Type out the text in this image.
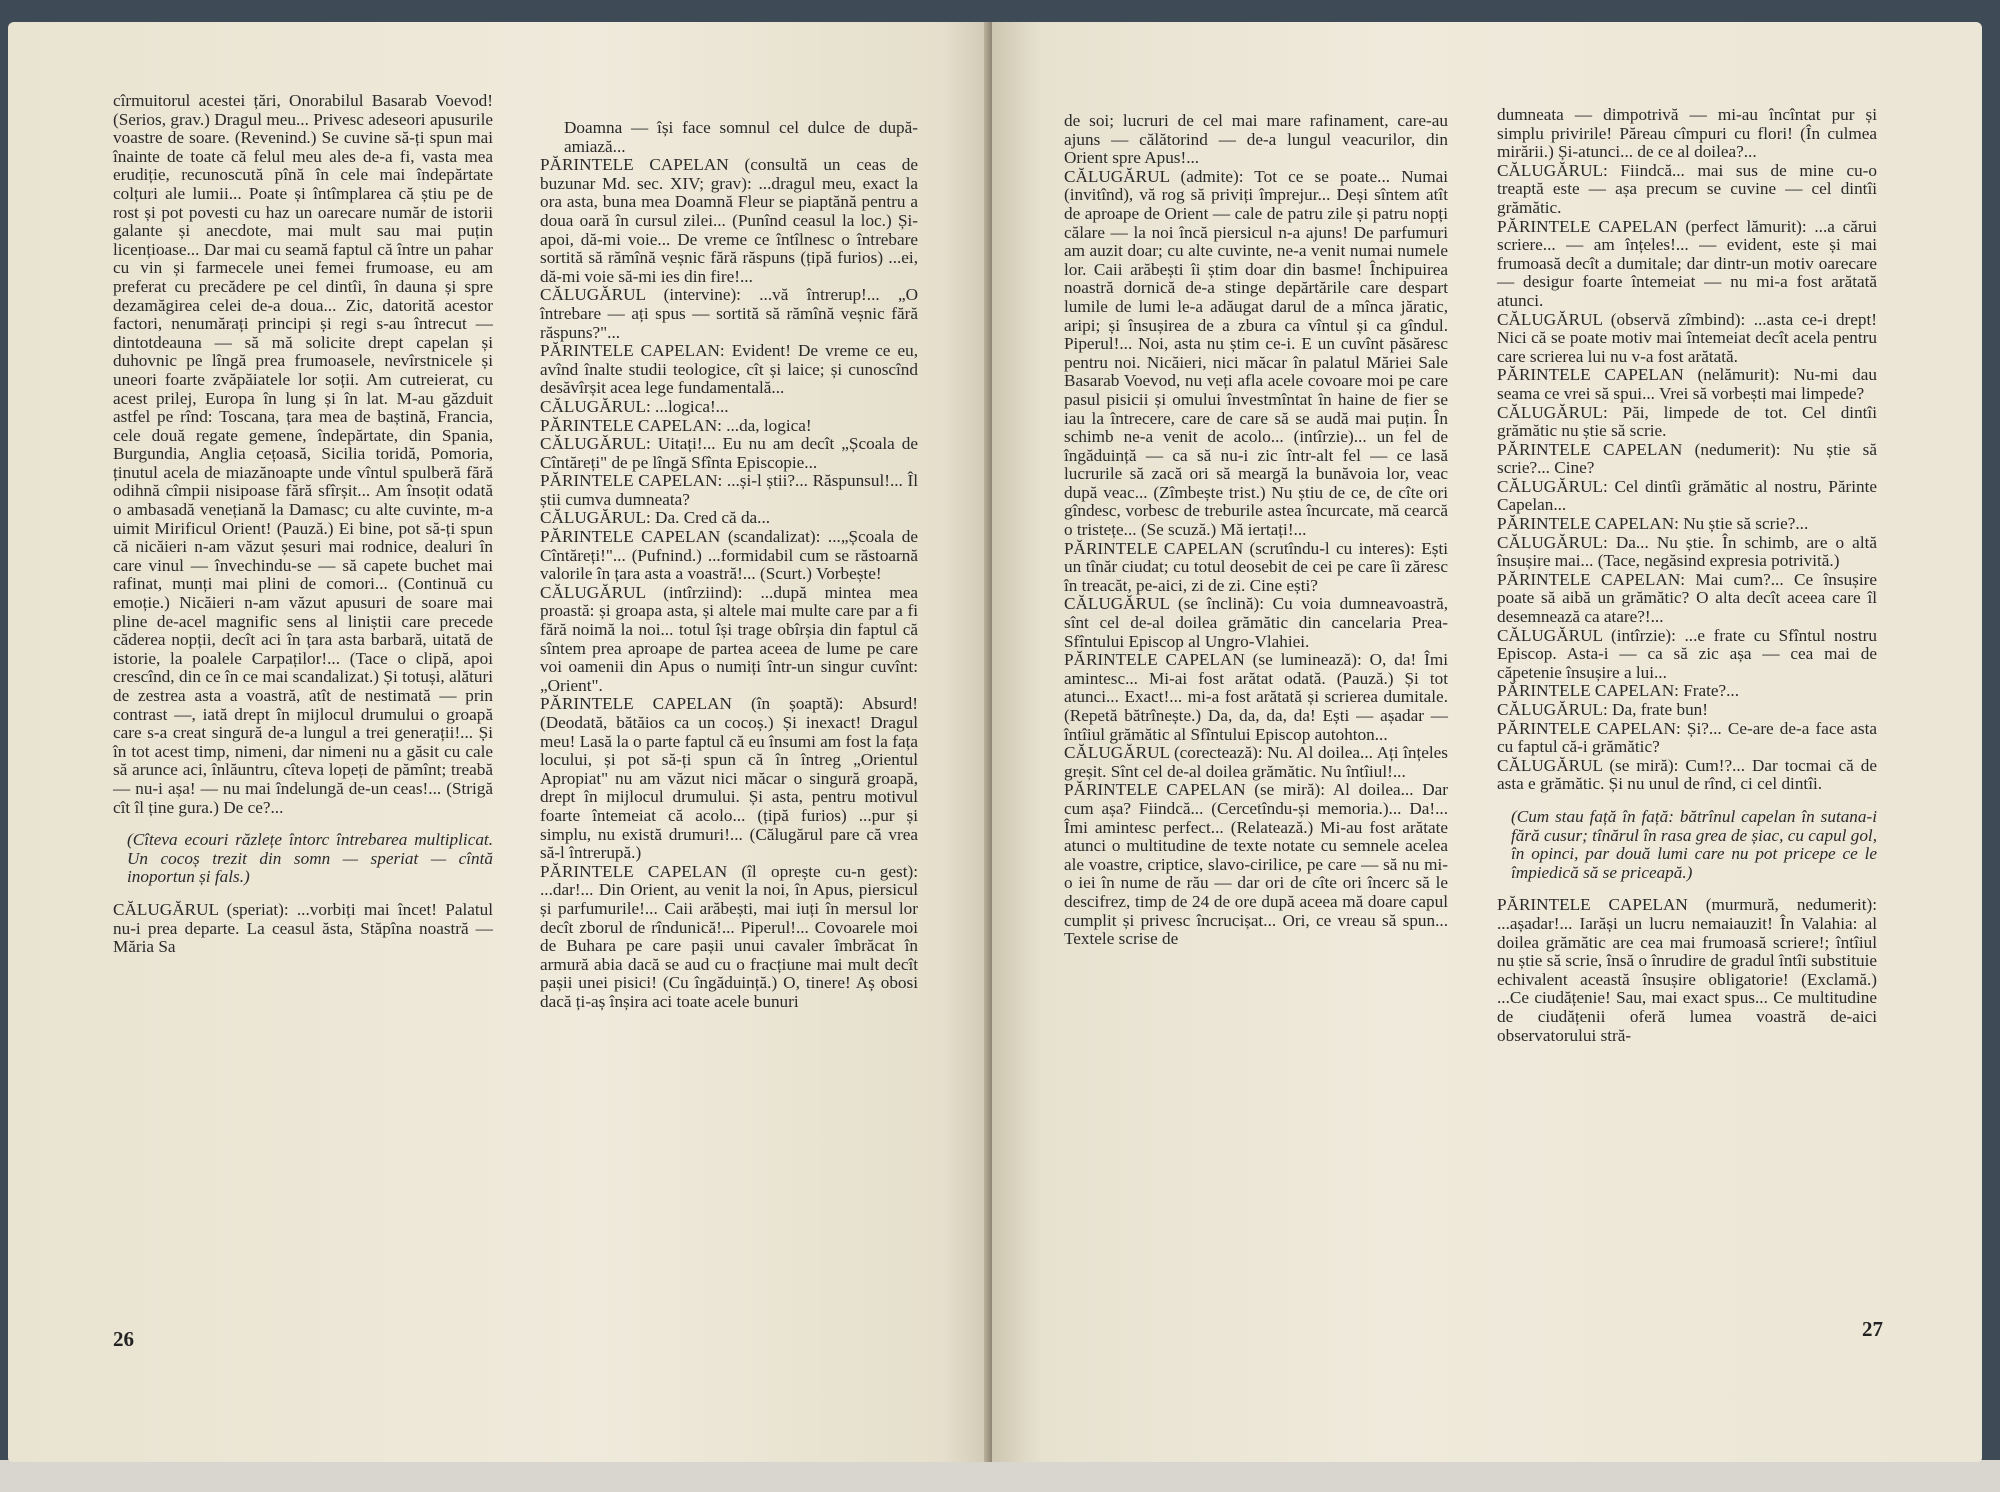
cîrmuitorul acestei țări, Onorabilul Basarab Voevod! (Serios, grav.) Dragul meu... Privesc adeseori apusurile voastre de soare. (Revenind.) Se cuvine să-ți spun mai înainte de toate că felul meu ales de-a fi, vasta mea erudiție, recunoscută pînă în cele mai îndepărtate colțuri ale lumii... Poate și întîmplarea că știu pe de rost și pot povesti cu haz un oarecare număr de istorii galante și anecdote, mai mult sau mai puțin licențioase... Dar mai cu seamă faptul că între un pahar cu vin și farmecele unei femei frumoase, eu am preferat cu precădere pe cel dintîi, în dauna și spre dezamăgirea celei de-a doua... Zic, datorită acestor factori, nenumărați principi și regi s-au întrecut — dintotdeauna — să mă solicite drept capelan și duhovnic pe lîngă prea frumoasele, nevîrstnicele și uneori foarte zvăpăiatele lor soții. Am cutreierat, cu acest prilej, Europa în lung și în lat. M-au găzduit astfel pe rînd: Toscana, țara mea de baștină, Francia, cele două regate gemene, îndepărtate, din Spania, Burgundia, Anglia cețoasă, Sicilia toridă, Pomoria, ținutul acela de miazănoapte unde vîntul spulberă fără odihnă cîmpii nisipoase fără sfîrșit... Am însoțit odată o ambasadă venețiană la Damasc; cu alte cuvinte, m-a uimit Mirificul Orient! (Pauză.) Ei bine, pot să-ți spun că nicăieri n-am văzut șesuri mai rodnice, dealuri în care vinul — învechindu-se — să capete buchet mai rafinat, munți mai plini de comori... (Continuă cu emoție.) Nicăieri n-am văzut apusuri de soare mai pline de-acel magnific sens al liniștii care precede căderea nopții, decît aci în țara asta barbară, uitată de istorie, la poalele Carpaților!... (Tace o clipă, apoi crescînd, din ce în ce mai scandalizat.) Și totuși, alături de zestrea asta a voastră, atît de nestimată — prin contrast —, iată drept în mijlocul drumului o groapă care s-a creat singură de-a lungul a trei generații!... Și în tot acest timp, nimeni, dar nimeni nu a găsit cu cale să arunce aci, înlăuntru, cîteva lopeți de pămînt; treabă — nu-i așa! — nu mai îndelungă de-un ceas!... (Strigă cît îl ține gura.) De ce?...

(Cîteva ecouri răzlețe întorc întrebarea multiplicat. Un cocoș trezit din somn — speriat — cîntă inoportun și fals.)

CĂLUGĂRUL (speriat): ...vorbiți mai încet! Palatul nu-i prea departe. La ceasul ăsta, Stăpîna noastră — Măria Sa

Doamna — își face somnul cel dulce de după-amiază...

PĂRINTELE CAPELAN (consultă un ceas de buzunar Md. sec. XIV; grav): ...dragul meu, exact la ora asta, buna mea Doamnă Fleur se piaptănă pentru a doua oară în cursul zilei... (Punînd ceasul la loc.) Și-apoi, dă-mi voie... De vreme ce întîlnesc o întrebare sortită să rămînă veșnic fără răspuns (țipă furios) ...ei, dă-mi voie să-mi ies din fire!...

CĂLUGĂRUL (intervine): ...vă întrerup!... „O întrebare — ați spus — sortită să rămînă veșnic fără răspuns?"...

PĂRINTELE CAPELAN: Evident! De vreme ce eu, avînd înalte studii teologice, cît și laice; și cunoscînd desăvîrșit acea lege fundamentală...

CĂLUGĂRUL: ...logica!...

PĂRINTELE CAPELAN: ...da, logica!

CĂLUGĂRUL: Uitați!... Eu nu am decît „Școala de Cîntăreți" de pe lîngă Sfînta Episcopie...

PĂRINTELE CAPELAN: ...și-l știi?... Răspunsul!... Îl știi cumva dumneata?

CĂLUGĂRUL: Da. Cred că da...

PĂRINTELE CAPELAN (scandalizat): ...„Școala de Cîntăreți!"... (Pufnind.) ...formidabil cum se răstoarnă valorile în țara asta a voastră!... (Scurt.) Vorbește!

CĂLUGĂRUL (intîrziind): ...după mintea mea proastă: și groapa asta, și altele mai multe care par a fi fără noimă la noi... totul își trage obîrșia din faptul că sîntem prea aproape de partea aceea de lume pe care voi oamenii din Apus o numiți într-un singur cuvînt: „Orient".

PĂRINTELE CAPELAN (în șoaptă): Absurd! (Deodată, bătăios ca un cocoș.) Și inexact! Dragul meu! Lasă la o parte faptul că eu însumi am fost la fața locului, și pot să-ți spun că în întreg „Orientul Apropiat" nu am văzut nici măcar o singură groapă, drept în mijlocul drumului. Și asta, pentru motivul foarte întemeiat că acolo... (țipă furios) ...pur și simplu, nu există drumuri!... (Călugărul pare că vrea să-l întrerupă.)

PĂRINTELE CAPELAN (îl oprește cu-n gest): ...dar!... Din Orient, au venit la noi, în Apus, piersicul și parfumurile!... Caii arăbești, mai iuți în mersul lor decît zborul de rîndunică!... Piperul!... Covoarele moi de Buhara pe care pașii unui cavaler îmbrăcat în armură abia dacă se aud cu o fracțiune mai mult decît pașii unei pisici! (Cu îngăduință.) O, tinere! Aș obosi dacă ți-aș înșira aci toate acele bunuri

26

de soi; lucruri de cel mai mare rafinament, care-au ajuns — călătorind — de-a lungul veacurilor, din Orient spre Apus!...

CĂLUGĂRUL (admite): Tot ce se poate... Numai (invitînd), vă rog să priviți împrejur... Deși sîntem atît de aproape de Orient — cale de patru zile și patru nopți călare — la noi încă piersicul n-a ajuns! De parfumuri am auzit doar; cu alte cuvinte, ne-a venit numai numele lor. Caii arăbești îi știm doar din basme! Închipuirea noastră dornică de-a stinge depărtările care despart lumile de lumi le-a adăugat darul de a mînca jăratic, aripi; și însușirea de a zbura ca vîntul și ca gîndul. Piperul!... Noi, asta nu știm ce-i. E un cuvînt păsăresc pentru noi. Nicăieri, nici măcar în palatul Măriei Sale Basarab Voevod, nu veți afla acele covoare moi pe care pasul pisicii și omului învestmîntat în haine de fier se iau la întrecere, care de care să se audă mai puțin. În schimb ne-a venit de acolo... (intîrzie)... un fel de îngăduință — ca să nu-i zic într-alt fel — ce lasă lucrurile să zacă ori să meargă la bunăvoia lor, veac după veac... (Zîmbește trist.) Nu știu de ce, de cîte ori gîndesc, vorbesc de treburile astea încurcate, mă cearcă o tristețe... (Se scuză.) Mă iertați!...

PĂRINTELE CAPELAN (scrutîndu-l cu interes): Ești un tînăr ciudat; cu totul deosebit de cei pe care îi zăresc în treacăt, pe-aici, zi de zi. Cine ești?

CĂLUGĂRUL (se înclină): Cu voia dumneavoastră, sînt cel de-al doilea grămătic din cancelaria Prea-Sfîntului Episcop al Ungro-Vlahiei.

PĂRINTELE CAPELAN (se luminează): O, da! Îmi amintesc... Mi-ai fost arătat odată. (Pauză.) Și tot atunci... Exact!... mi-a fost arătată și scrierea dumitale. (Repetă bătrînește.) Da, da, da, da! Ești — așadar — întîiul grămătic al Sfîntului Episcop autohton...

CĂLUGĂRUL (corectează): Nu. Al doilea... Ați înțeles greșit. Sînt cel de-al doilea grămătic. Nu întîiul!...

PĂRINTELE CAPELAN (se miră): Al doilea... Dar cum așa? Fiindcă... (Cercetîndu-și memoria.)... Da!... Îmi amintesc perfect... (Relatează.) Mi-au fost arătate atunci o multitudine de texte notate cu semnele acelea ale voastre, criptice, slavo-cirilice, pe care — să nu mi-o iei în nume de rău — dar ori de cîte ori încerc să le descifrez, timp de 24 de ore după aceea mă doare capul cumplit și privesc încrucișat... Ori, ce vreau să spun... Textele scrise de

dumneata — dimpotrivă — mi-au încîntat pur și simplu privirile! Păreau cîmpuri cu flori! (În culmea mirării.) Și-atunci... de ce al doilea?...

CĂLUGĂRUL: Fiindcă... mai sus de mine cu-o treaptă este — așa precum se cuvine — cel dintîi grămătic.

PĂRINTELE CAPELAN (perfect lămurit): ...a cărui scriere... — am înțeles!... — evident, este și mai frumoasă decît a dumitale; dar dintr-un motiv oarecare — desigur foarte întemeiat — nu mi-a fost arătată atunci.

CĂLUGĂRUL (observă zîmbind): ...asta ce-i drept! Nici că se poate motiv mai întemeiat decît acela pentru care scrierea lui nu v-a fost arătată.

PĂRINTELE CAPELAN (nelămurit): Nu-mi dau seama ce vrei să spui... Vrei să vorbești mai limpede?

CĂLUGĂRUL: Păi, limpede de tot. Cel dintîi grămătic nu știe să scrie.

PĂRINTELE CAPELAN (nedumerit): Nu știe să scrie?... Cine?

CĂLUGĂRUL: Cel dintîi grămătic al nostru, Părinte Capelan...

PĂRINTELE CAPELAN: Nu știe să scrie?...

CĂLUGĂRUL: Da... Nu știe. În schimb, are o altă însușire mai... (Tace, negăsind expresia potrivită.)

PĂRINTELE CAPELAN: Mai cum?... Ce însușire poate să aibă un grămătic? O alta decît aceea care îl desemnează ca atare?!...

CĂLUGĂRUL (intîrzie): ...e frate cu Sfîntul nostru Episcop. Asta-i — ca să zic așa — cea mai de căpetenie însușire a lui...

PĂRINTELE CAPELAN: Frate?...

CĂLUGĂRUL: Da, frate bun!

PĂRINTELE CAPELAN: Și?... Ce-are de-a face asta cu faptul că-i grămătic?

CĂLUGĂRUL (se miră): Cum!?... Dar tocmai că de asta e grămătic. Și nu unul de rînd, ci cel dintîi.

(Cum stau față în față: bătrînul capelan în sutana-i fără cusur; tînărul în rasa grea de șiac, cu capul gol, în opinci, par două lumi care nu pot pricepe ce le împiedică să se priceapă.)

PĂRINTELE CAPELAN (murmură, nedumerit): ...așadar!... Iarăși un lucru nemaiauzit! În Valahia: al doilea grămătic are cea mai frumoasă scriere!; întîiul nu știe să scrie, însă o înrudire de gradul întîi substituie echivalent această însușire obligatorie! (Exclamă.) ...Ce ciudățenie! Sau, mai exact spus... Ce multitudine de ciudățenii oferă lumea voastră de-aici observatorului stră-

27
